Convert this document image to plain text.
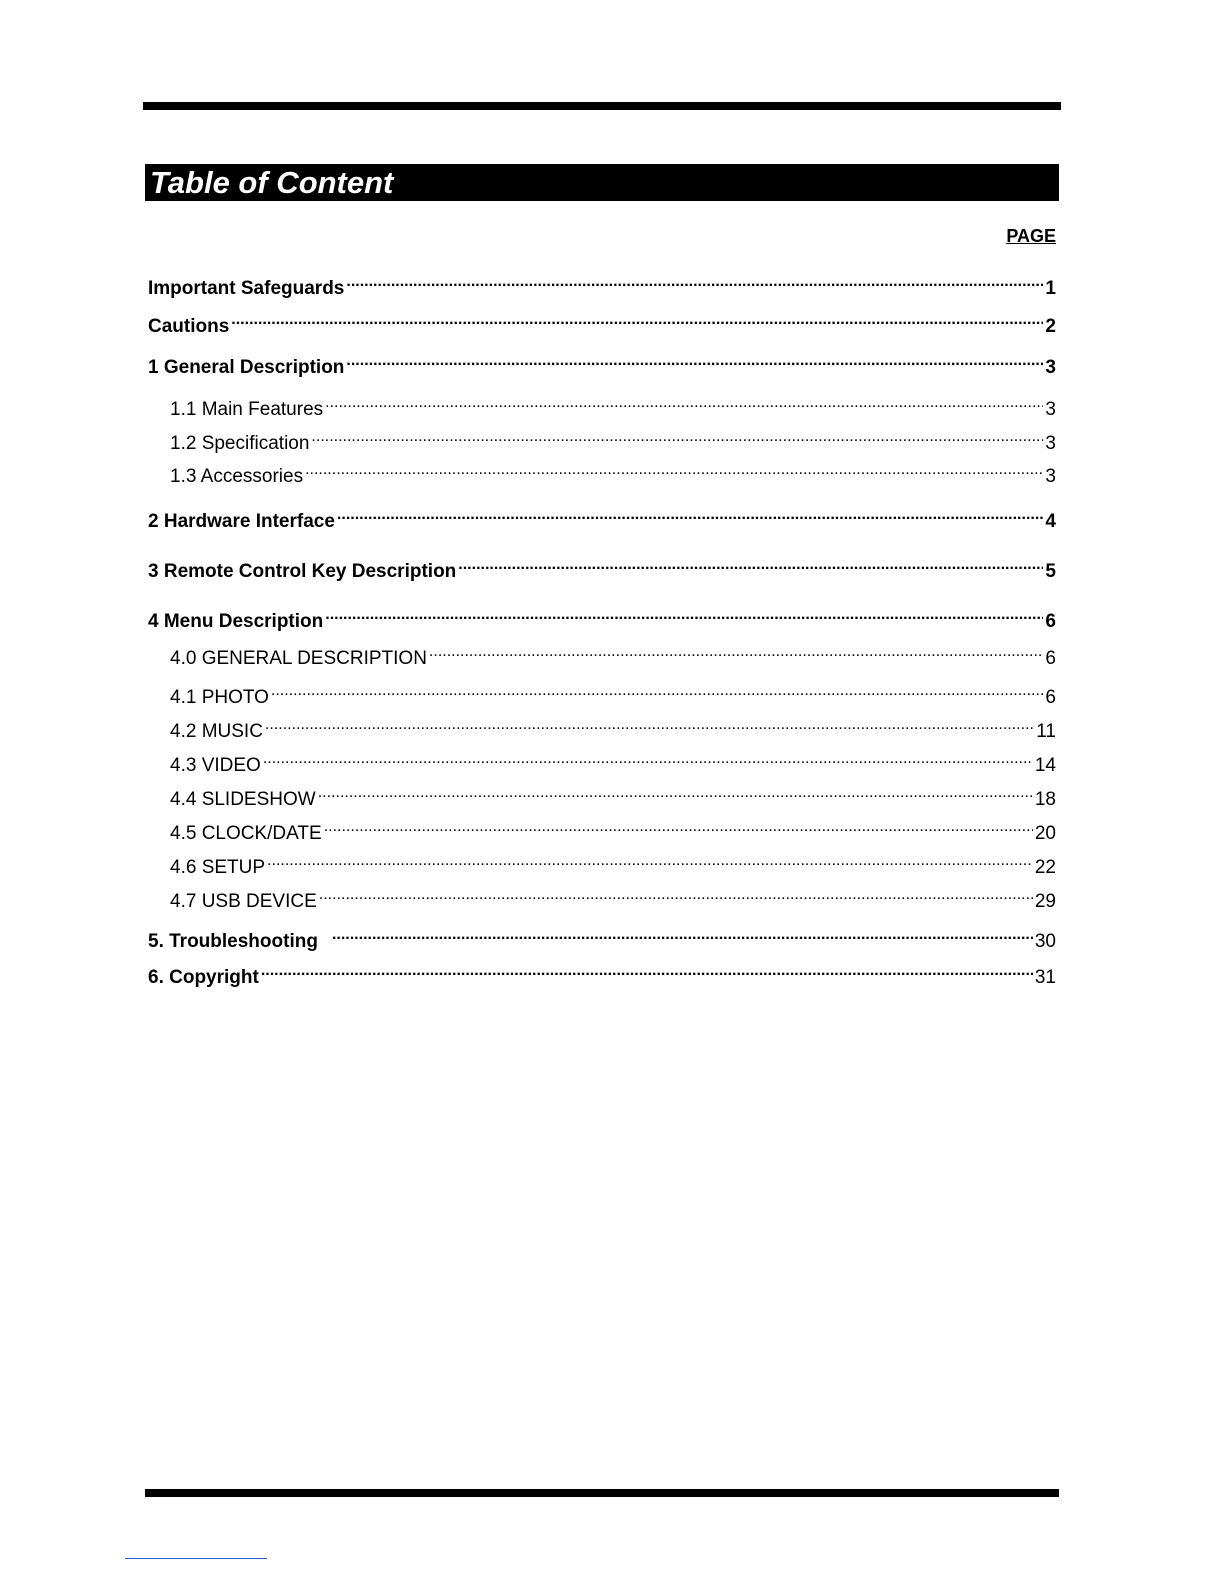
Table of Content
PAGE
Important Safeguards .....	1
Cautions .....	2
1 General Description .....	3
1.1 Main Features .....	3
1.2 Specification .....	3
1.3 Accessories .....	3
2 Hardware Interface .....	4
3 Remote Control Key Description .....	5
4 Menu Description .....	6
4.0 GENERAL DESCRIPTION .....	6
4.1 PHOTO .....	6
4.2 MUSIC .....	11
4.3 VIDEO .....	14
4.4 SLIDESHOW .....	18
4.5 CLOCK/DATE .....	20
4.6 SETUP .....	22
4.7 USB DEVICE .....	29
5. Troubleshooting .....	30
6. Copyright .....	31
